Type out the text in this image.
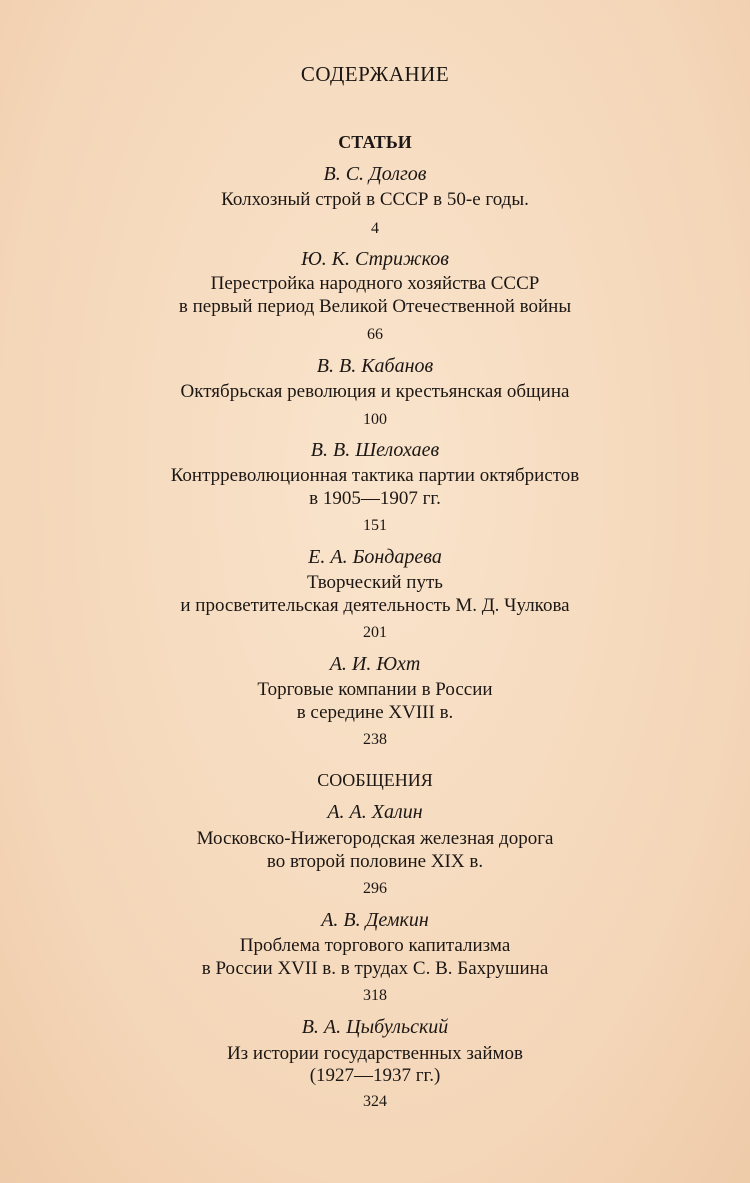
СОДЕРЖАНИЕ
СТАТЬИ
В. С. Долгов
Колхозный строй в СССР в 50-е годы.
4
Ю. К. Стрижков
Перестройка народного хозяйства СССР
в первый период Великой Отечественной войны
66
В. В. Кабанов
Октябрьская революция и крестьянская община
100
В. В. Шелохаев
Контрреволюционная тактика партии октябристов
в 1905—1907 гг.
151
Е. А. Бондарева
Творческий путь
и просветительская деятельность М. Д. Чулкова
201
А. И. Юхт
Торговые компании в России
в середине XVIII в.
238
СООБЩЕНИЯ
А. А. Халин
Московско-Нижегородская железная дорога
во второй половине XIX в.
296
А. В. Демкин
Проблема торгового капитализма
в России XVII в. в трудах С. В. Бахрушина
318
В. А. Цыбульский
Из истории государственных займов
(1927—1937 гг.)
324
